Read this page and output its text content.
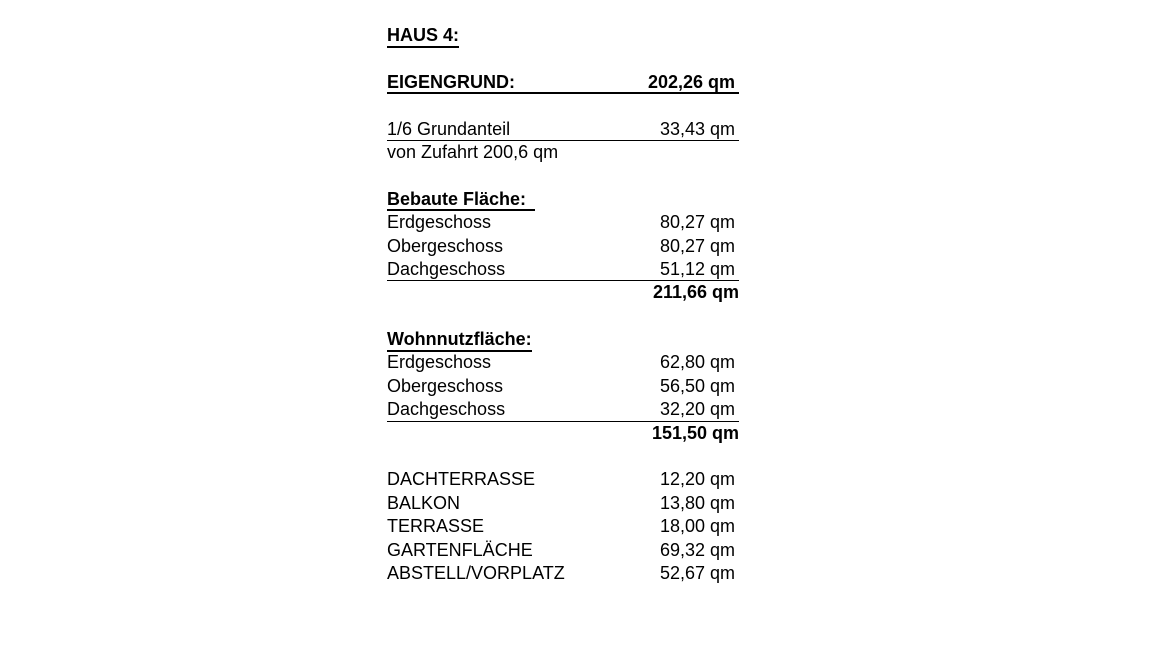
HAUS 4:
EIGENGRUND:	202,26 qm
1/6 Grundanteil	33,43 qm
von Zufahrt 200,6 qm
Bebaute Fläche:
Erdgeschoss	80,27 qm
Obergeschoss	80,27 qm
Dachgeschoss	51,12 qm
211,66 qm
Wohnnutzfläche:
Erdgeschoss	62,80 qm
Obergeschoss	56,50 qm
Dachgeschoss	32,20 qm
151,50 qm
DACHTERRASSE	12,20 qm
BALKON	13,80 qm
TERRASSE	18,00 qm
GARTENFLÄCHE	69,32 qm
ABSTELL/VORPLATZ	52,67 qm
